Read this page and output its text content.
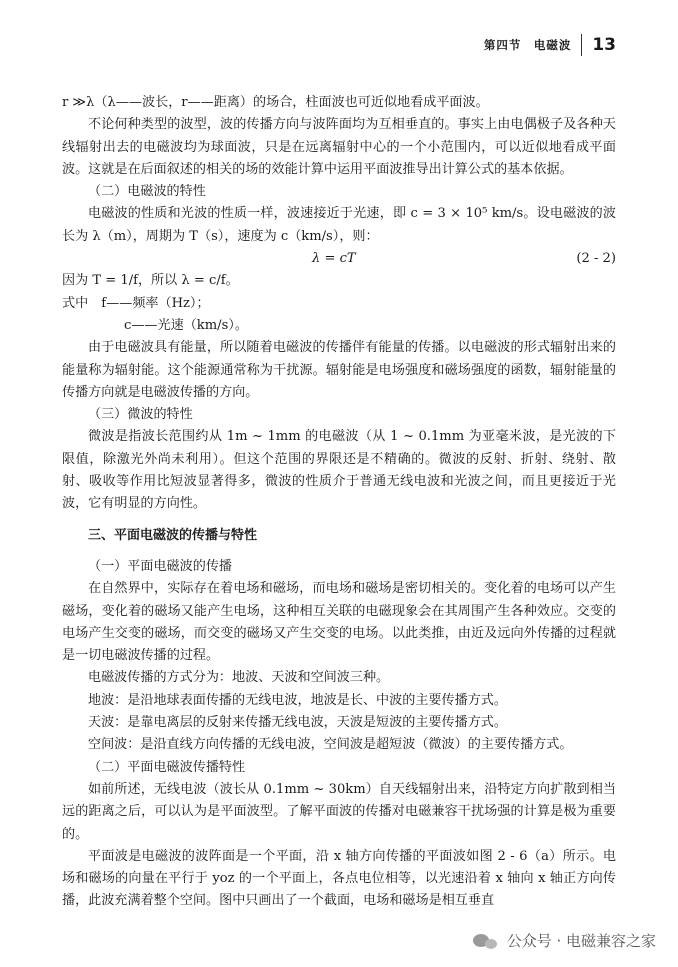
第四节　电磁波 13

r ≫λ（λ——波长，r——距离）的场合，柱面波也可近似地看成平面波。

不论何种类型的波型，波的传播方向与波阵面均为互相垂直的。事实上由电偶极子及各种天线辐射出去的电磁波均为球面波，只是在远离辐射中心的一个小范围内，可以近似地看成平面波。这就是在后面叙述的相关的场的效能计算中运用平面波推导出计算公式的基本依据。

（二）电磁波的特性

电磁波的性质和光波的性质一样，波速接近于光速，即 c = 3 × 10⁵ km/s。设电磁波的波长为 λ（m），周期为 T（s），速度为 c（km/s），则：

λ = cT	(2 - 2)

因为 T = 1/f，所以 λ = c/f。

式中　f——频率（Hz）；

c——光速（km/s）。

由于电磁波具有能量，所以随着电磁波的传播伴有能量的传播。以电磁波的形式辐射出来的能量称为辐射能。这个能源通常称为干扰源。辐射能是电场强度和磁场强度的函数，辐射能量的传播方向就是电磁波传播的方向。

（三）微波的特性

微波是指波长范围约从 1m ~ 1mm 的电磁波（从 1 ~ 0.1mm 为亚毫米波，是光波的下限值，除激光外尚未利用）。但这个范围的界限还是不精确的。微波的反射、折射、绕射、散射、吸收等作用比短波显著得多，微波的性质介于普通无线电波和光波之间，而且更接近于光波，它有明显的方向性。

三、平面电磁波的传播与特性

（一）平面电磁波的传播

在自然界中，实际存在着电场和磁场，而电场和磁场是密切相关的。变化着的电场可以产生磁场，变化着的磁场又能产生电场，这种相互关联的电磁现象会在其周围产生各种效应。交变的电场产生交变的磁场，而交变的磁场又产生交变的电场。以此类推，由近及远向外传播的过程就是一切电磁波传播的过程。

电磁波传播的方式分为：地波、天波和空间波三种。

地波：是沿地球表面传播的无线电波，地波是长、中波的主要传播方式。

天波：是靠电离层的反射来传播无线电波，天波是短波的主要传播方式。

空间波：是沿直线方向传播的无线电波，空间波是超短波（微波）的主要传播方式。

（二）平面电磁波传播特性

如前所述，无线电波（波长从 0.1mm ~ 30km）自天线辐射出来，沿特定方向扩散到相当远的距离之后，可以认为是平面波型。了解平面波的传播对电磁兼容干扰场强的计算是极为重要的。

平面波是电磁波的波阵面是一个平面，沿 x 轴方向传播的平面波如图 2 - 6（a）所示。电场和磁场的向量在平行于 yoz 的一个平面上，各点电位相等，以光速沿着 x 轴向 x 轴正方向传播，此波充满着整个空间。图中只画出了一个截面，电场和磁场是相互垂直

公众号 · 电磁兼容之家
